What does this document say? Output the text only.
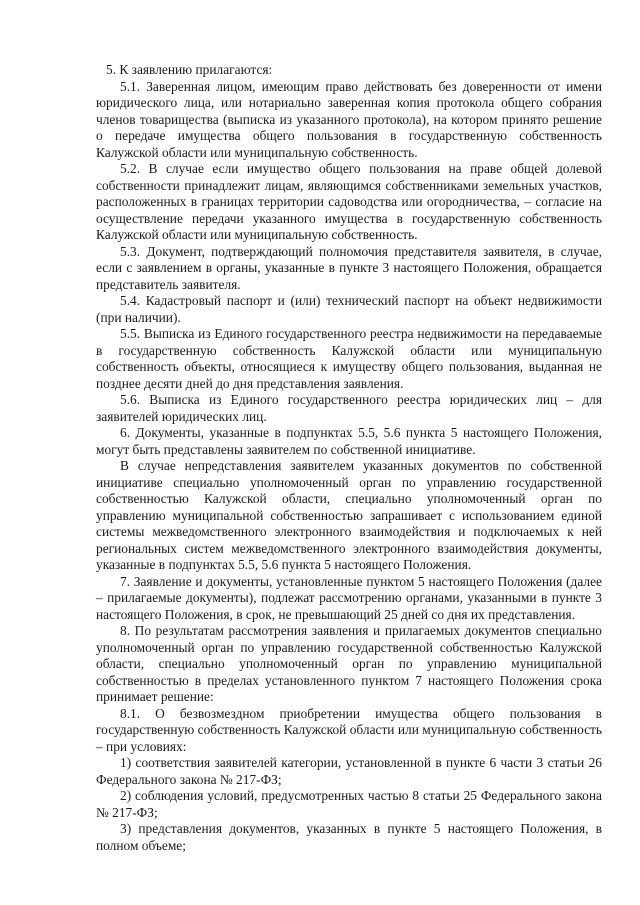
5. К заявлению прилагаются:

5.1. Заверенная лицом, имеющим право действовать без доверенности от имени юридического лица, или нотариально заверенная копия протокола общего собрания членов товарищества (выписка из указанного протокола), на котором принято решение о передаче имущества общего пользования в государственную собственность Калужской области или муниципальную собственность.

5.2. В случае если имущество общего пользования на праве общей долевой собственности принадлежит лицам, являющимся собственниками земельных участков, расположенных в границах территории садоводства или огородничества, – согласие на осуществление передачи указанного имущества в государственную собственность Калужской области или муниципальную собственность.

5.3. Документ, подтверждающий полномочия представителя заявителя, в случае, если с заявлением в органы, указанные в пункте 3 настоящего Положения, обращается представитель заявителя.

5.4. Кадастровый паспорт и (или) технический паспорт на объект недвижимости (при наличии).

5.5. Выписка из Единого государственного реестра недвижимости на передаваемые в государственную собственность Калужской области или муниципальную собственность объекты, относящиеся к имуществу общего пользования, выданная не позднее десяти дней до дня представления заявления.

5.6. Выписка из Единого государственного реестра юридических лиц – для заявителей юридических лиц.

6. Документы, указанные в подпунктах 5.5, 5.6 пункта 5 настоящего Положения, могут быть представлены заявителем по собственной инициативе.

В случае непредставления заявителем указанных документов по собственной инициативе специально уполномоченный орган по управлению государственной собственностью Калужской области, специально уполномоченный орган по управлению муниципальной собственностью запрашивает с использованием единой системы межведомственного электронного взаимодействия и подключаемых к ней региональных систем межведомственного электронного взаимодействия документы, указанные в подпунктах 5.5, 5.6 пункта 5 настоящего Положения.

7. Заявление и документы, установленные пунктом 5 настоящего Положения (далее – прилагаемые документы), подлежат рассмотрению органами, указанными в пункте 3 настоящего Положения, в срок, не превышающий 25 дней со дня их представления.

8. По результатам рассмотрения заявления и прилагаемых документов специально уполномоченный орган по управлению государственной собственностью Калужской области, специально уполномоченный орган по управлению муниципальной собственностью в пределах установленного пунктом 7 настоящего Положения срока принимает решение:

8.1. О безвозмездном приобретении имущества общего пользования в государственную собственность Калужской области или муниципальную собственность – при условиях:

1) соответствия заявителей категории, установленной в пункте 6 части 3 статьи 26 Федерального закона № 217-ФЗ;

2) соблюдения условий, предусмотренных частью 8 статьи 25 Федерального закона № 217-ФЗ;

3) представления документов, указанных в пункте 5 настоящего Положения, в полном объеме;
